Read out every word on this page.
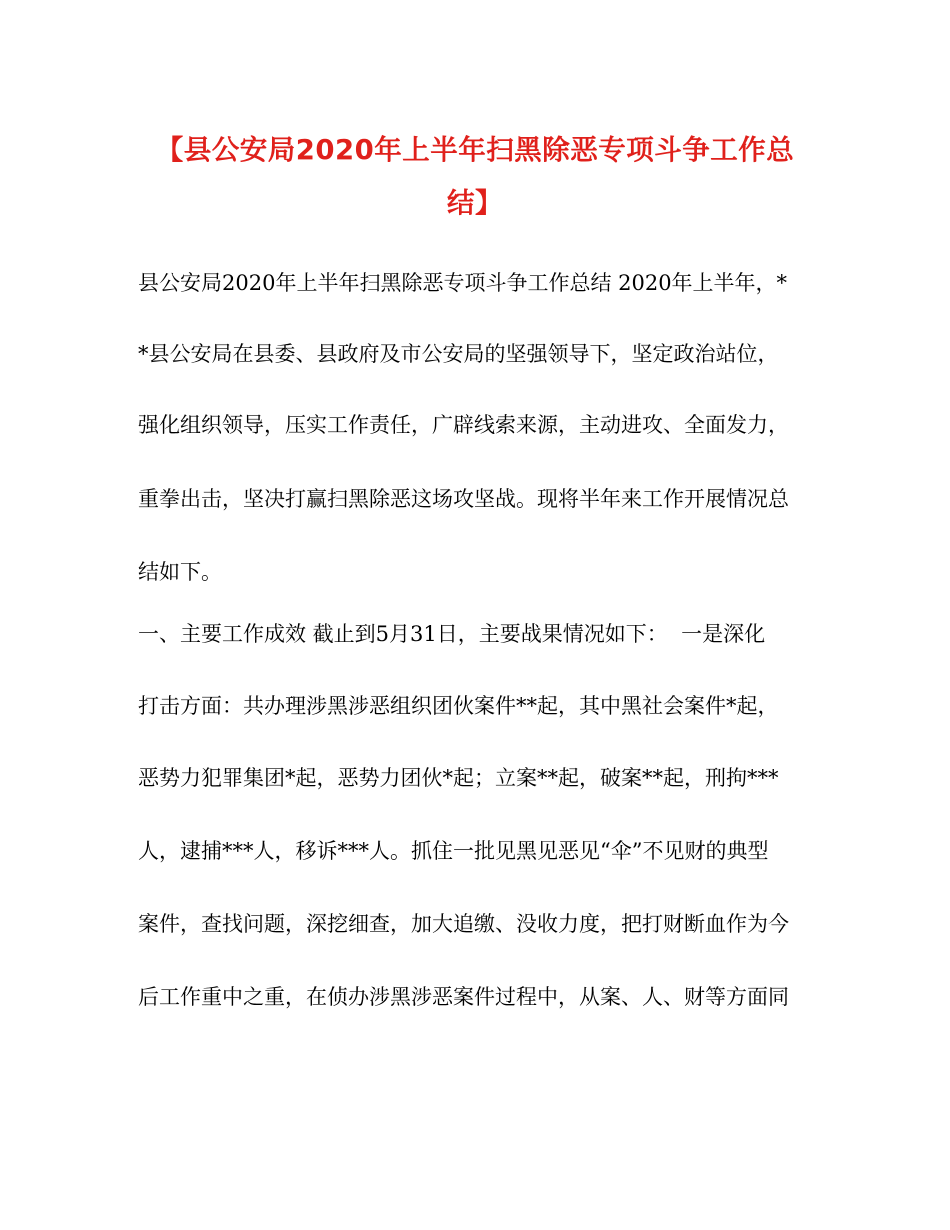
【县公安局2020年上半年扫黑除恶专项斗争工作总
结】
县公安局2020年上半年扫黑除恶专项斗争工作总结 2020年上半年，*
*县公安局在县委、县政府及市公安局的坚强领导下，坚定政治站位，
强化组织领导，压实工作责任，广辟线索来源，主动进攻、全面发力，
重拳出击，坚决打赢扫黑除恶这场攻坚战。现将半年来工作开展情况总
结如下。
一、主要工作成效 截止到5月31日，主要战果情况如下：  一是深化
打击方面：共办理涉黑涉恶组织团伙案件**起，其中黑社会案件*起，
恶势力犯罪集团*起，恶势力团伙*起；立案**起，破案**起，刑拘***
人，逮捕***人，移诉***人。抓住一批见黑见恶见“伞”不见财的典型
案件，查找问题，深挖细查，加大追缴、没收力度，把打财断血作为今
后工作重中之重，在侦办涉黑涉恶案件过程中，从案、人、财等方面同
